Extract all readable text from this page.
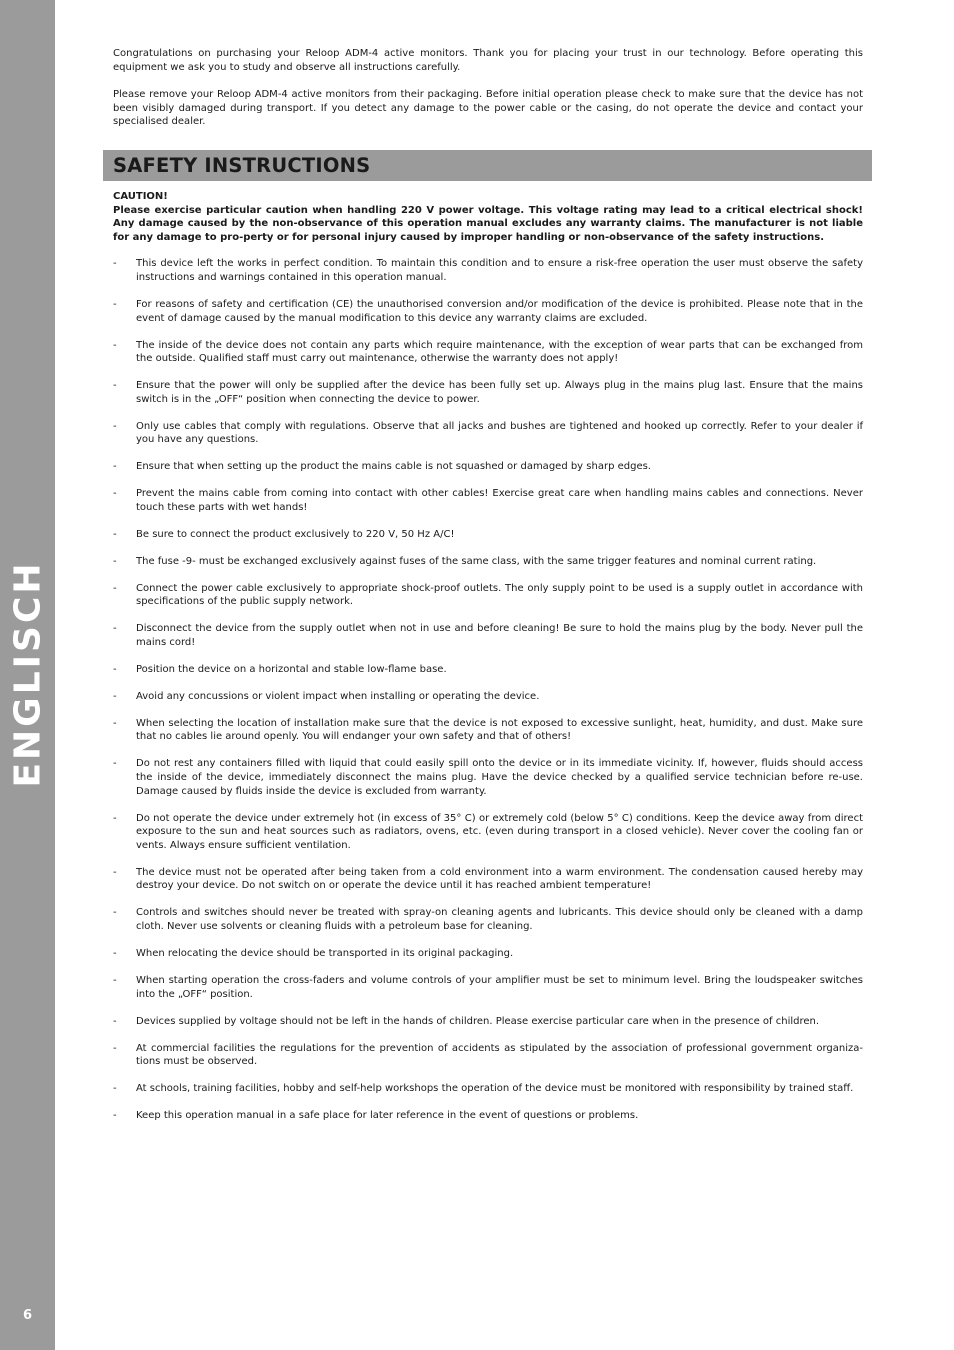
ENGLISCH
6

Congratulations on purchasing your Reloop ADM-4 active monitors. Thank you for placing your trust in our technology. Before operating this equipment we ask you to study and observe all instructions carefully.

Please remove your Reloop ADM-4 active monitors from their packaging. Before initial operation please check to make sure that the device has not been visibly damaged during transport. If you detect any damage to the power cable or the casing, do not operate the device and contact your specialised dealer.

SAFETY INSTRUCTIONS
CAUTION!
Please exercise particular caution when handling 220 V power voltage. This voltage rating may lead to a critical electrical shock! Any damage caused by the non-observance of this operation manual excludes any warranty claims. The manufacturer is not liable for any damage to pro-perty or for personal injury caused by improper handling or non-observance of the safety instructions.
-	This device left the works in perfect condition. To maintain this condition and to ensure a risk-free operation the user must observe the safety instructions and warnings contained in this operation manual.
-	For reasons of safety and certification (CE) the unauthorised conversion and/or modification of the device is prohibited. Please note that in the event of damage caused by the manual modification to this device any warranty claims are excluded.
-	The inside of the device does not contain any parts which require maintenance, with the exception of wear parts that can be exchanged from the outside. Qualified staff must carry out maintenance, otherwise the warranty does not apply!
-	Ensure that the power will only be supplied after the device has been fully set up. Always plug in the mains plug last. Ensure that the mains switch is in the „OFF“ position when connecting the device to power.
-	Only use cables that comply with regulations. Observe that all jacks and bushes are tightened and hooked up correctly. Refer to your dealer if you have any questions.
-	Ensure that when setting up the product the mains cable is not squashed or damaged by sharp edges.
-	Prevent the mains cable from coming into contact with other cables! Exercise great care when handling mains cables and connections. Never touch these parts with wet hands!
-	Be sure to connect the product exclusively to 220 V, 50 Hz A/C!
-	The fuse -9- must be exchanged exclusively against fuses of the same class, with the same trigger features and nominal current rating.
-	Connect the power cable exclusively to appropriate shock-proof outlets. The only supply point to be used is a supply outlet in accordance with specifications of the public supply network.
-	Disconnect the device from the supply outlet when not in use and before cleaning! Be sure to hold the mains plug by the body. Never pull the mains cord!
-	Position the device on a horizontal and stable low-flame base.
-	Avoid any concussions or violent impact when installing or operating the device.
-	When selecting the location of installation make sure that the device is not exposed to excessive sunlight, heat, humidity, and dust. Make sure that no cables lie around openly. You will endanger your own safety and that of others!
-	Do not rest any containers filled with liquid that could easily spill onto the device or in its immediate vicinity. If, however, fluids should access the inside of the device, immediately disconnect the mains plug. Have the device checked by a qualified service technician before re-use. Damage caused by fluids inside the device is excluded from warranty.
-	Do not operate the device under extremely hot (in excess of 35° C) or extremely cold (below 5° C) conditions. Keep the device away from direct exposure to the sun and heat sources such as radiators, ovens, etc. (even during transport in a closed vehicle). Never cover the cooling fan or vents. Always ensure sufficient ventilation.
-	The device must not be operated after being taken from a cold environment into a warm environment. The condensation caused hereby may destroy your device. Do not switch on or operate the device until it has reached ambient temperature!
-	Controls and switches should never be treated with spray-on cleaning agents and lubricants. This device should only be cleaned with a damp cloth. Never use solvents or cleaning fluids with a petroleum base for cleaning.
-	When relocating the device should be transported in its original packaging.
-	When starting operation the cross-faders and volume controls of your amplifier must be set to minimum level. Bring the loudspeaker switches into the „OFF“ position.
-	Devices supplied by voltage should not be left in the hands of children. Please exercise particular care when in the presence of children.
-	At commercial facilities the regulations for the prevention of accidents as stipulated by the association of professional government organiza-tions must be observed.
-	At schools, training facilities, hobby and self-help workshops the operation of the device must be monitored with responsibility by trained staff.
-	Keep this operation manual in a safe place for later reference in the event of questions or problems.
